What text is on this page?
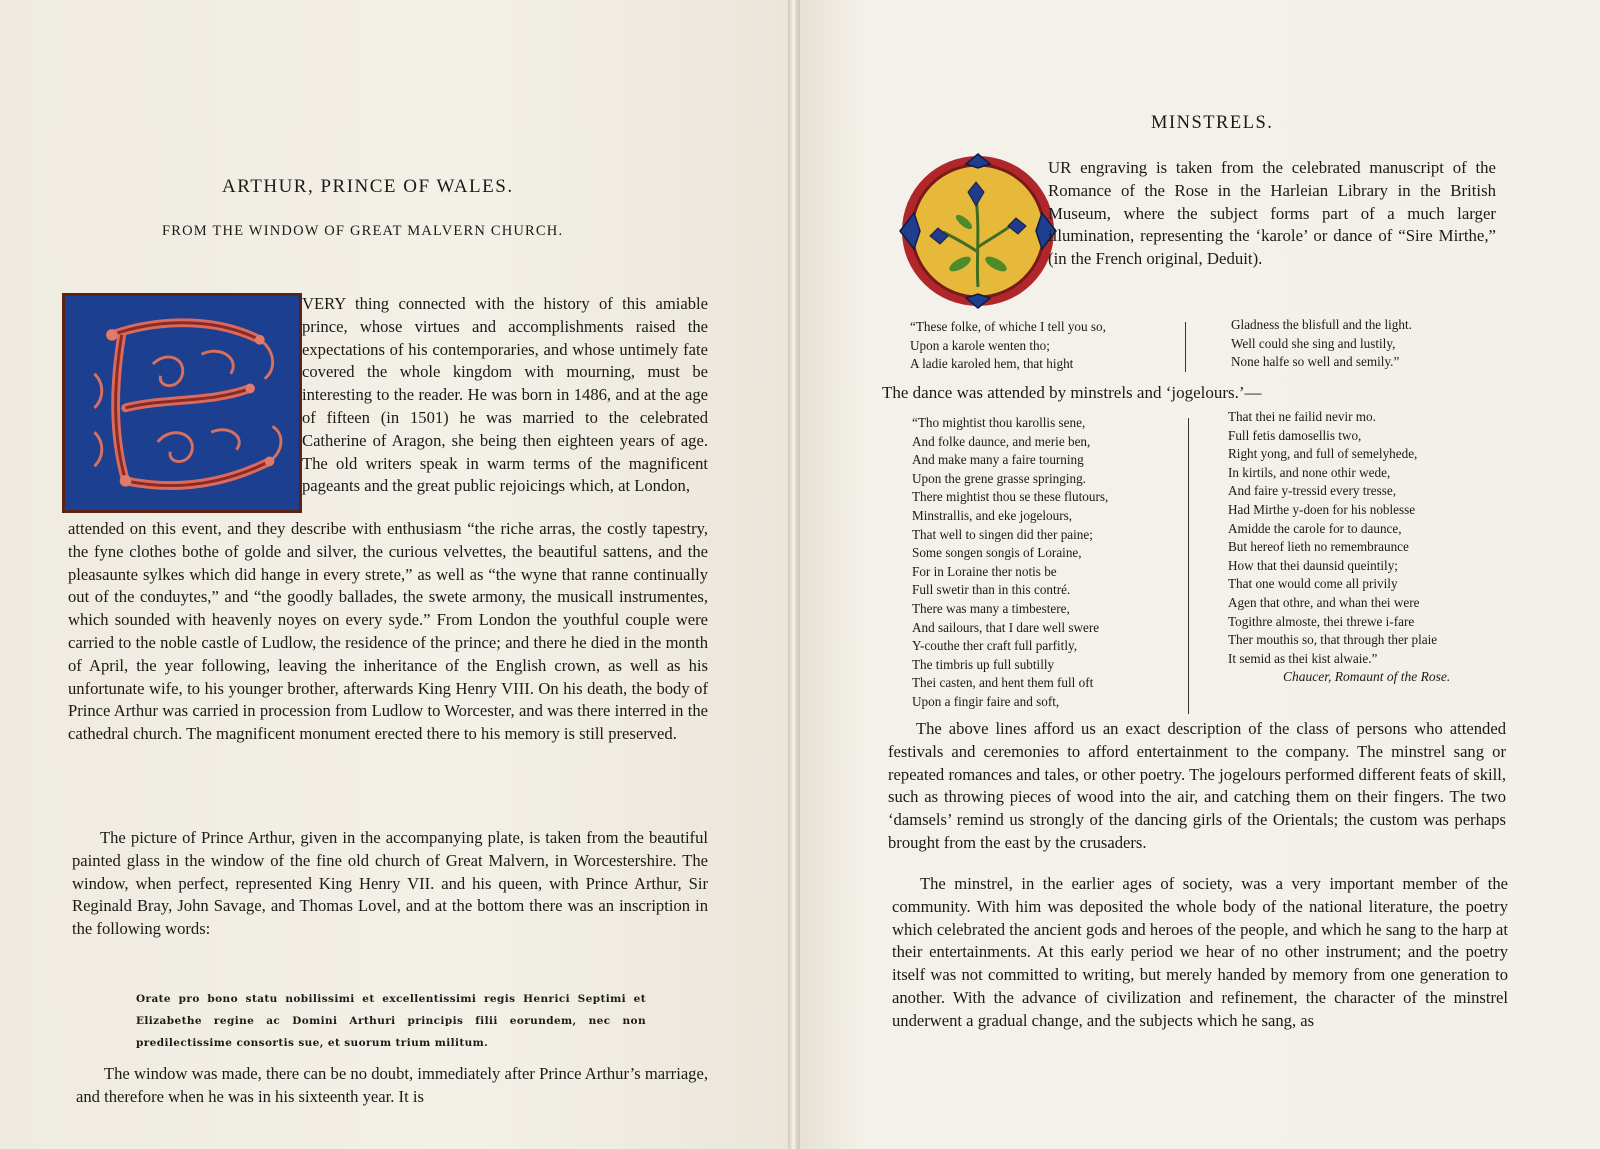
ARTHUR, PRINCE OF WALES.
FROM THE WINDOW OF GREAT MALVERN CHURCH.

VERY thing connected with the history of this amiable prince, whose virtues and accomplishments raised the expectations of his contemporaries, and whose untimely fate covered the whole kingdom with mourning, must be interesting to the reader. He was born in 1486, and at the age of fifteen (in 1501) he was married to the celebrated Catherine of Aragon, she being then eighteen years of age. The old writers speak in warm terms of the magnificent pageants and the great public rejoicings which, at London,

attended on this event, and they describe with enthusiasm “the riche arras, the costly tapestry, the fyne clothes bothe of golde and silver, the curious velvettes, the beautiful sattens, and the pleasaunte sylkes which did hange in every strete,” as well as “the wyne that ranne continually out of the conduytes,” and “the goodly ballades, the swete armony, the musicall instrumentes, which sounded with heavenly noyes on every syde.” From London the youthful couple were carried to the noble castle of Ludlow, the residence of the prince; and there he died in the month of April, the year following, leaving the inheritance of the English crown, as well as his unfortunate wife, to his younger brother, afterwards King Henry VIII. On his death, the body of Prince Arthur was carried in procession from Ludlow to Worcester, and was there interred in the cathedral church. The magnificent monument erected there to his memory is still preserved.

The picture of Prince Arthur, given in the accompanying plate, is taken from the beautiful painted glass in the window of the fine old church of Great Malvern, in Worcestershire. The window, when perfect, represented King Henry VII. and his queen, with Prince Arthur, Sir Reginald Bray, John Savage, and Thomas Lovel, and at the bottom there was an inscription in the following words:

Orate pro bono statu nobilissimi et excellentissimi regis Henrici Septimi et Elizabethe regine ac Domini Arthuri principis filii eorundem, nec non predilectissime consortis sue, et suorum trium militum.

The window was made, there can be no doubt, immediately after Prince Arthur’s marriage, and therefore when he was in his sixteenth year. It is

MINSTRELS.

UR engraving is taken from the celebrated manuscript of the Romance of the Rose in the Harleian Library in the British Museum, where the subject forms part of a much larger illumination, representing the ‘karole’ or dance of “Sire Mirthe,” (in the French original, Deduit).

“These folke, of whiche I tell you so,
Upon a karole wenten tho;
A ladie karoled hem, that hight
Gladness the blisfull and the light.
Well could she sing and lustily,
None halfe so well and semily.”
The dance was attended by minstrels and ‘jogelours.’—
“Tho mightist thou karollis sene,
And folke daunce, and merie ben,
And make many a faire tourning
Upon the grene grasse springing.
There mightist thou se these flutours,
Minstrallis, and eke jogelours,
That well to singen did ther paine;
Some songen songis of Loraine,
For in Loraine ther notis be
Full swetir than in this contré.
There was many a timbestere,
And sailours, that I dare well swere
Y-couthe ther craft full parfitly,
The timbris up full subtilly
Thei casten, and hent them full oft
Upon a fingir faire and soft,
That thei ne failid nevir mo.
Full fetis damosellis two,
Right yong, and full of semelyhede,
In kirtils, and none othir wede,
And faire y-tressid every tresse,
Had Mirthe y-doen for his noblesse
Amidde the carole for to daunce,
But hereof lieth no remembraunce
How that thei daunsid queintily;
That one would come all privily
Agen that othre, and whan thei were
Togithre almoste, thei threwe i-fare
Ther mouthis so, that through ther plaie
It semid as thei kist alwaie.”
Chaucer, Romaunt of the Rose.

The above lines afford us an exact description of the class of persons who attended festivals and ceremonies to afford entertainment to the company. The minstrel sang or repeated romances and tales, or other poetry. The jogelours performed different feats of skill, such as throwing pieces of wood into the air, and catching them on their fingers. The two ‘damsels’ remind us strongly of the dancing girls of the Orientals; the custom was perhaps brought from the east by the crusaders.

The minstrel, in the earlier ages of society, was a very important member of the community. With him was deposited the whole body of the national literature, the poetry which celebrated the ancient gods and heroes of the people, and which he sang to the harp at their entertainments. At this early period we hear of no other instrument; and the poetry itself was not committed to writing, but merely handed by memory from one generation to another. With the advance of civilization and refinement, the character of the minstrel underwent a gradual change, and the subjects which he sang, as
